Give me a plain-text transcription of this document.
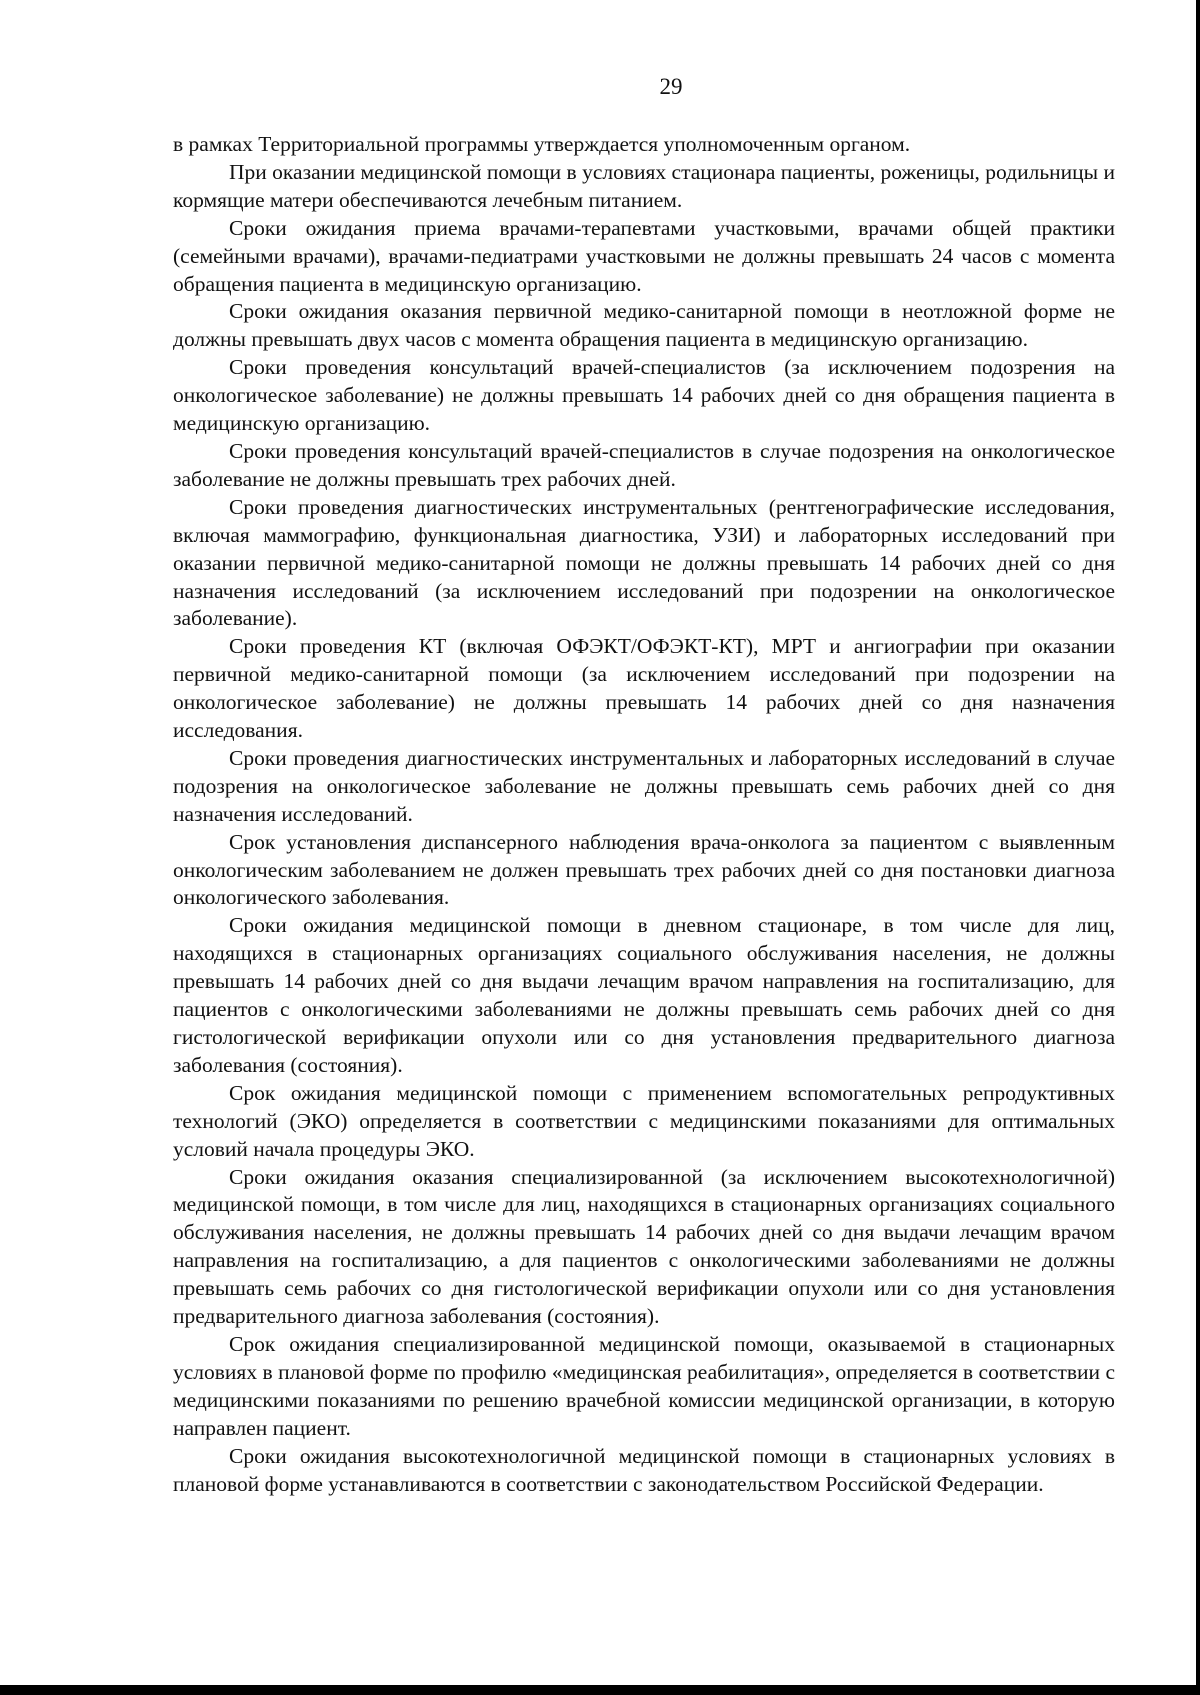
29

в рамках Территориальной программы утверждается уполномоченным органом.

При оказании медицинской помощи в условиях стационара пациенты, роженицы, родильницы и кормящие матери обеспечиваются лечебным питанием.

Сроки ожидания приема врачами-терапевтами участковыми, врачами общей практики (семейными врачами), врачами-педиатрами участковыми не должны превышать 24 часов с момента обращения пациента в медицинскую организацию.

Сроки ожидания оказания первичной медико-санитарной помощи в неотложной форме не должны превышать двух часов с момента обращения пациента в медицинскую организацию.

Сроки проведения консультаций врачей-специалистов (за исключением подозрения на онкологическое заболевание) не должны превышать 14 рабочих дней со дня обращения пациента в медицинскую организацию.

Сроки проведения консультаций врачей-специалистов в случае подозрения на онкологическое заболевание не должны превышать трех рабочих дней.

Сроки проведения диагностических инструментальных (рентгенографические исследования, включая маммографию, функциональная диагностика, УЗИ) и лабораторных исследований при оказании первичной медико-санитарной помощи не должны превышать 14 рабочих дней со дня назначения исследований (за исключением исследований при подозрении на онкологическое заболевание).

Сроки проведения КТ (включая ОФЭКТ/ОФЭКТ-КТ), МРТ и ангиографии при оказании первичной медико-санитарной помощи (за исключением исследований при подозрении на онкологическое заболевание) не должны превышать 14 рабочих дней со дня назначения исследования.

Сроки проведения диагностических инструментальных и лабораторных исследований в случае подозрения на онкологическое заболевание не должны превышать семь рабочих дней со дня назначения исследований.

Срок установления диспансерного наблюдения врача-онколога за пациентом с выявленным онкологическим заболеванием не должен превышать трех рабочих дней со дня постановки диагноза онкологического заболевания.

Сроки ожидания медицинской помощи в дневном стационаре, в том числе для лиц, находящихся в стационарных организациях социального обслуживания населения, не должны превышать 14 рабочих дней со дня выдачи лечащим врачом направления на госпитализацию, для пациентов с онкологическими заболеваниями не должны превышать семь рабочих дней со дня гистологической верификации опухоли или со дня установления предварительного диагноза заболевания (состояния).

Срок ожидания медицинской помощи с применением вспомогательных репродуктивных технологий (ЭКО) определяется в соответствии с медицинскими показаниями для оптимальных условий начала процедуры ЭКО.

Сроки ожидания оказания специализированной (за исключением высокотехнологичной) медицинской помощи, в том числе для лиц, находящихся в стационарных организациях социального обслуживания населения, не должны превышать 14 рабочих дней со дня выдачи лечащим врачом направления на госпитализацию, а для пациентов с онкологическими заболеваниями не должны превышать семь рабочих со дня гистологической верификации опухоли или со дня установления предварительного диагноза заболевания (состояния).

Срок ожидания специализированной медицинской помощи, оказываемой в стационарных условиях в плановой форме по профилю «медицинская реабилитация», определяется в соответствии с медицинскими показаниями по решению врачебной комиссии медицинской организации, в которую направлен пациент.

Сроки ожидания высокотехнологичной медицинской помощи в стационарных условиях в плановой форме устанавливаются в соответствии с законодательством Российской Федерации.
